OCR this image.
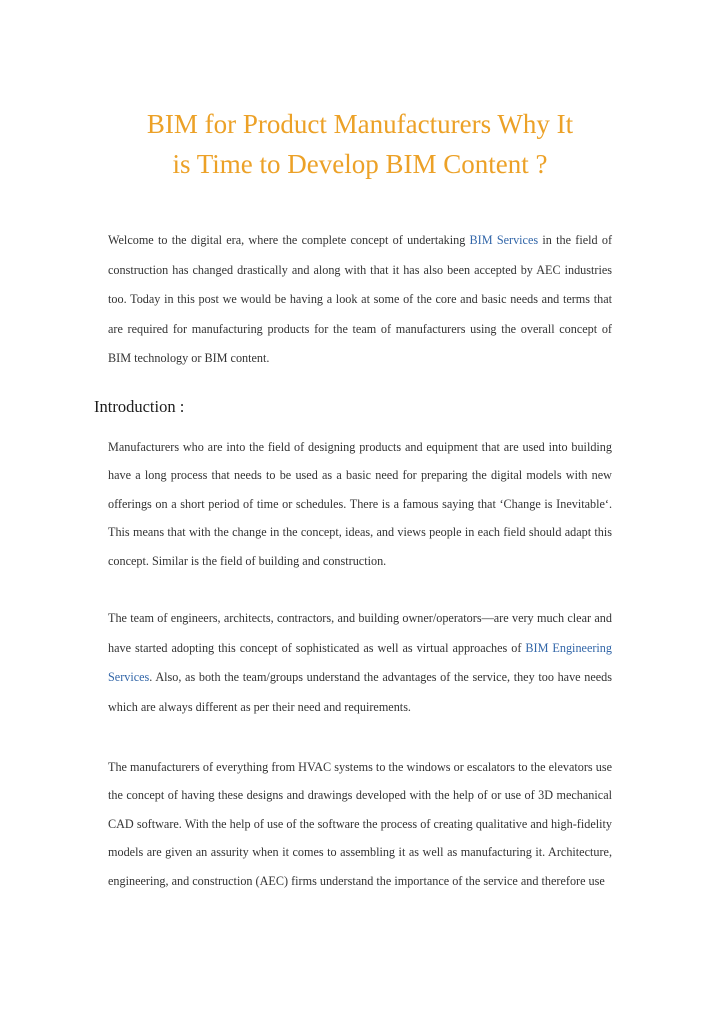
BIM for Product Manufacturers Why It
is Time to Develop BIM Content ?

Welcome to the digital era, where the complete concept of undertaking BIM Services in the field of construction has changed drastically and along with that it has also been accepted by AEC industries too. Today in this post we would be having a look at some of the core and basic needs and terms that are required for manufacturing products for the team of manufacturers using the overall concept of BIM technology or BIM content.

Introduction :

Manufacturers who are into the field of designing products and equipment that are used into building have a long process that needs to be used as a basic need for preparing the digital models with new offerings on a short period of time or schedules. There is a famous saying that ‘Change is Inevitable‘. This means that with the change in the concept, ideas, and views people in each field should adapt this concept. Similar is the field of building and construction.

The team of engineers, architects, contractors, and building owner/operators—are very much clear and have started adopting this concept of sophisticated as well as virtual approaches of BIM Engineering Services. Also, as both the team/groups understand the advantages of the service, they too have needs which are always different as per their need and requirements.

The manufacturers of everything from HVAC systems to the windows or escalators to the elevators use the concept of having these designs and drawings developed with the help of or use of 3D mechanical CAD software. With the help of use of the software the process of creating qualitative and high-fidelity models are given an assurity when it comes to assembling it as well as manufacturing it. Architecture, engineering, and construction (AEC) firms understand the importance of the service and therefore use
